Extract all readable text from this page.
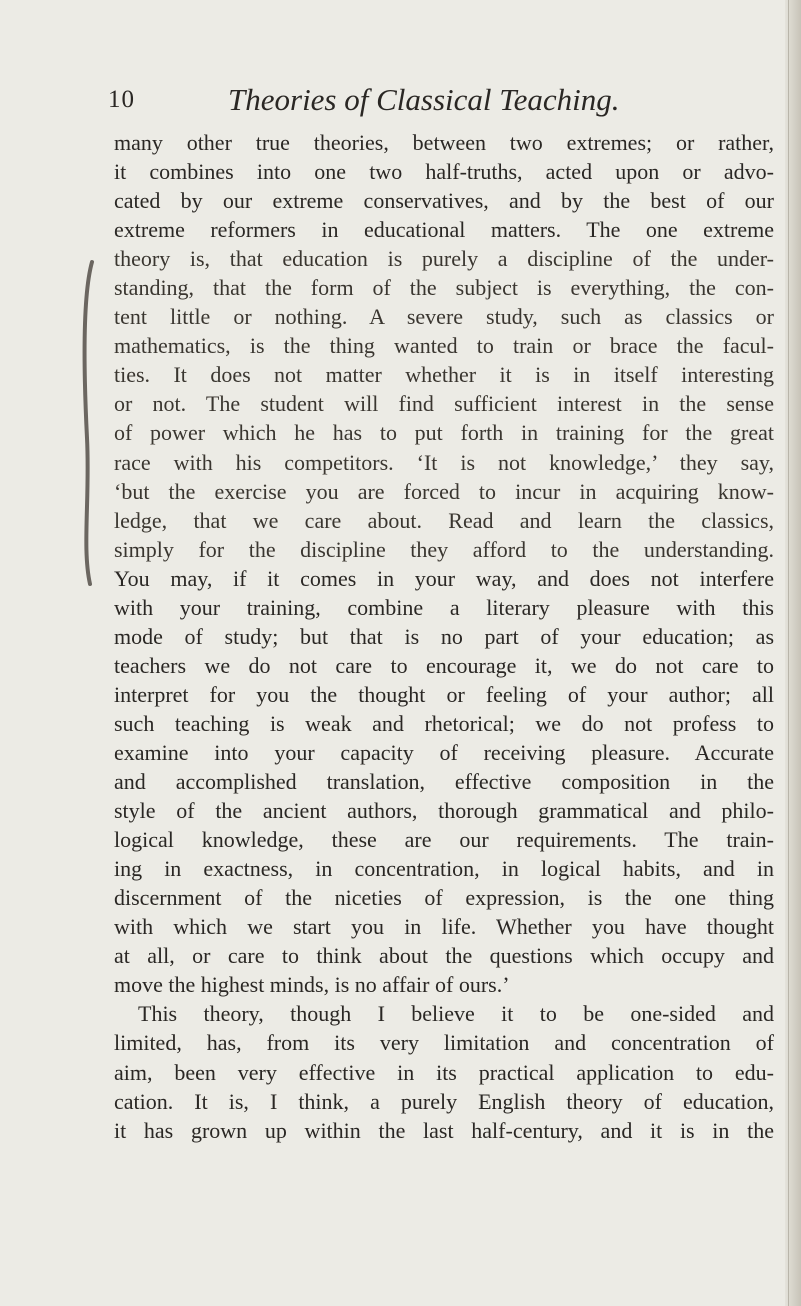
10	Theories of Classical Teaching.
many other true theories, between two extremes; or rather,
it combines into one two half-truths, acted upon or advo-
cated by our extreme conservatives, and by the best of our
extreme reformers in educational matters. The one extreme
theory is, that education is purely a discipline of the under-
standing, that the form of the subject is everything, the con-
tent little or nothing. A severe study, such as classics or
mathematics, is the thing wanted to train or brace the facul-
ties. It does not matter whether it is in itself interesting
or not. The student will find sufficient interest in the sense
of power which he has to put forth in training for the great
race with his competitors. ‘It is not knowledge,’ they say,
‘but the exercise you are forced to incur in acquiring know-
ledge, that we care about. Read and learn the classics,
simply for the discipline they afford to the understanding.
You may, if it comes in your way, and does not interfere
with your training, combine a literary pleasure with this
mode of study; but that is no part of your education; as
teachers we do not care to encourage it, we do not care to
interpret for you the thought or feeling of your author; all
such teaching is weak and rhetorical; we do not profess to
examine into your capacity of receiving pleasure. Accurate
and accomplished translation, effective composition in the
style of the ancient authors, thorough grammatical and philo-
logical knowledge, these are our requirements. The train-
ing in exactness, in concentration, in logical habits, and in
discernment of the niceties of expression, is the one thing
with which we start you in life. Whether you have thought
at all, or care to think about the questions which occupy and
move the highest minds, is no affair of ours.’
This theory, though I believe it to be one-sided and
limited, has, from its very limitation and concentration of
aim, been very effective in its practical application to edu-
cation. It is, I think, a purely English theory of education,
it has grown up within the last half-century, and it is in the
